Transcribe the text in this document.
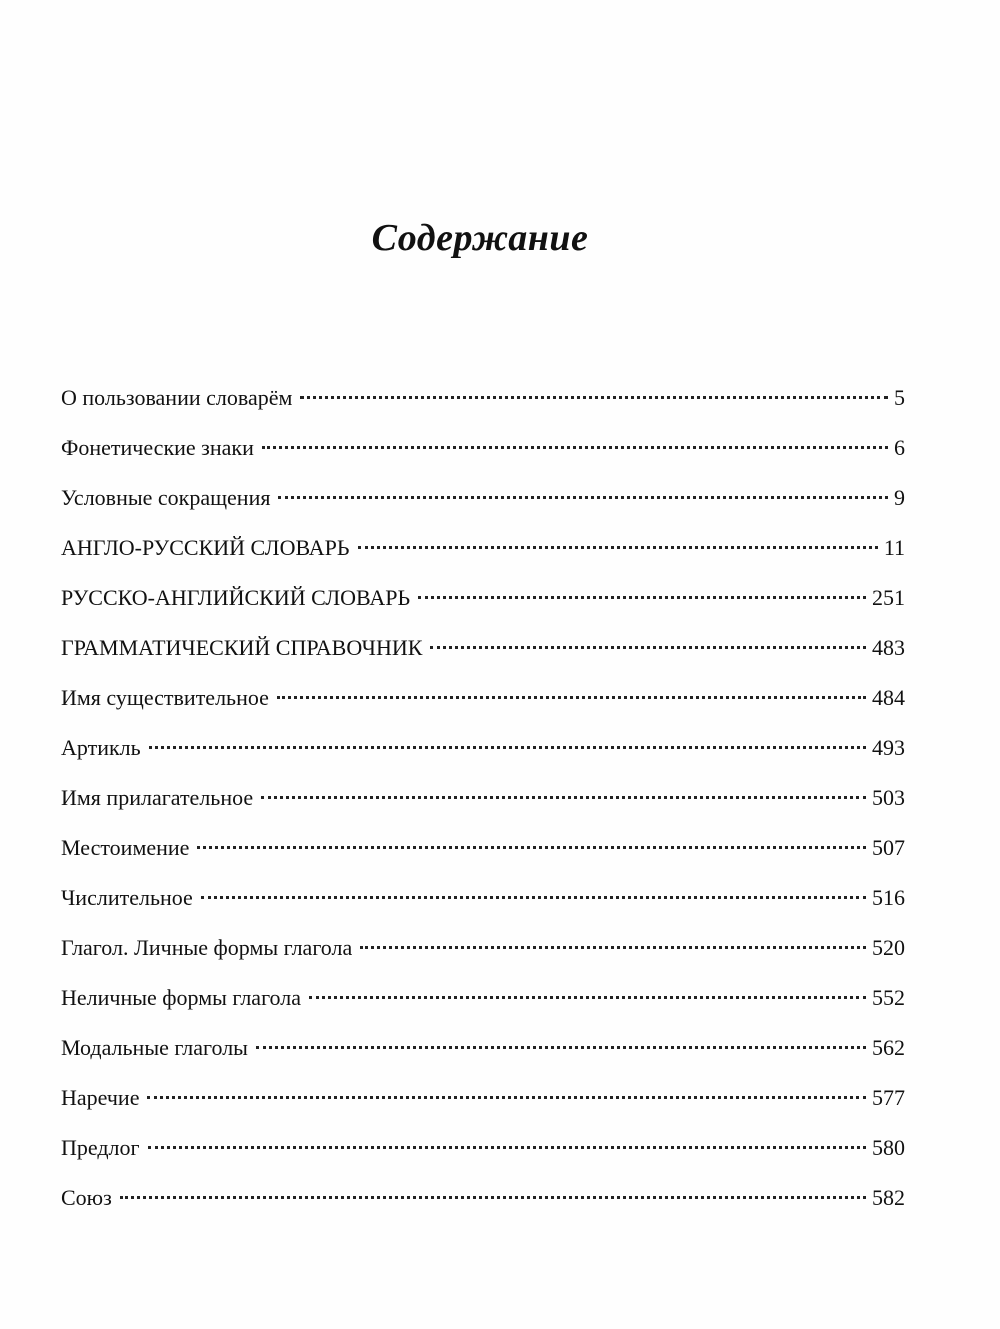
Содержание
О пользовании словарём	5
Фонетические знаки	6
Условные сокращения	9
АНГЛО-РУССКИЙ СЛОВАРЬ	11
РУССКО-АНГЛИЙСКИЙ СЛОВАРЬ	251
ГРАММАТИЧЕСКИЙ СПРАВОЧНИК	483
Имя существительное	484
Артикль	493
Имя прилагательное	503
Местоимение	507
Числительное	516
Глагол. Личные формы глагола	520
Неличные формы глагола	552
Модальные глаголы	562
Наречие	577
Предлог	580
Союз	582
